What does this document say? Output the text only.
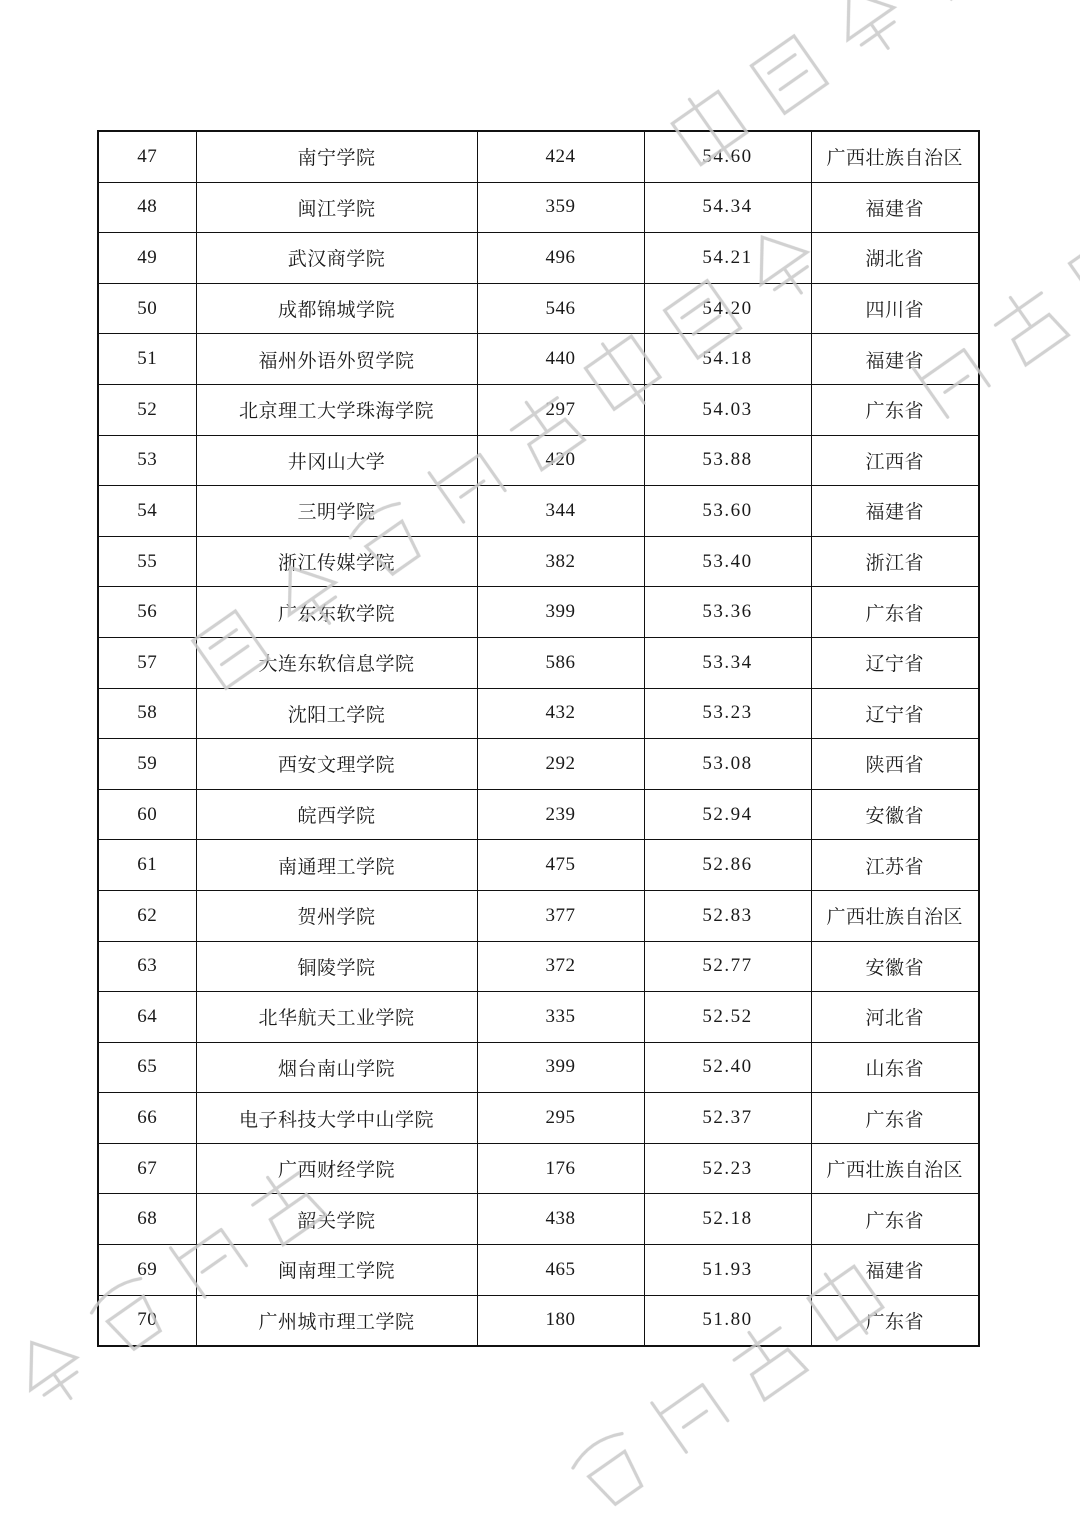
47	南宁学院	424	54.60	广西壮族自治区
48	闽江学院	359	54.34	福建省
49	武汉商学院	496	54.21	湖北省
50	成都锦城学院	546	54.20	四川省
51	福州外语外贸学院	440	54.18	福建省
52	北京理工大学珠海学院	297	54.03	广东省
53	井冈山大学	420	53.88	江西省
54	三明学院	344	53.60	福建省
55	浙江传媒学院	382	53.40	浙江省
56	广东东软学院	399	53.36	广东省
57	大连东软信息学院	586	53.34	辽宁省
58	沈阳工学院	432	53.23	辽宁省
59	西安文理学院	292	53.08	陕西省
60	皖西学院	239	52.94	安徽省
61	南通理工学院	475	52.86	江苏省
62	贺州学院	377	52.83	广西壮族自治区
63	铜陵学院	372	52.77	安徽省
64	北华航天工业学院	335	52.52	河北省
65	烟台南山学院	399	52.40	山东省
66	电子科技大学中山学院	295	52.37	广东省
67	广西财经学院	176	52.23	广西壮族自治区
68	韶关学院	438	52.18	广东省
69	闽南理工学院	465	51.93	福建省
70	广州城市理工学院	180	51.80	广东省
